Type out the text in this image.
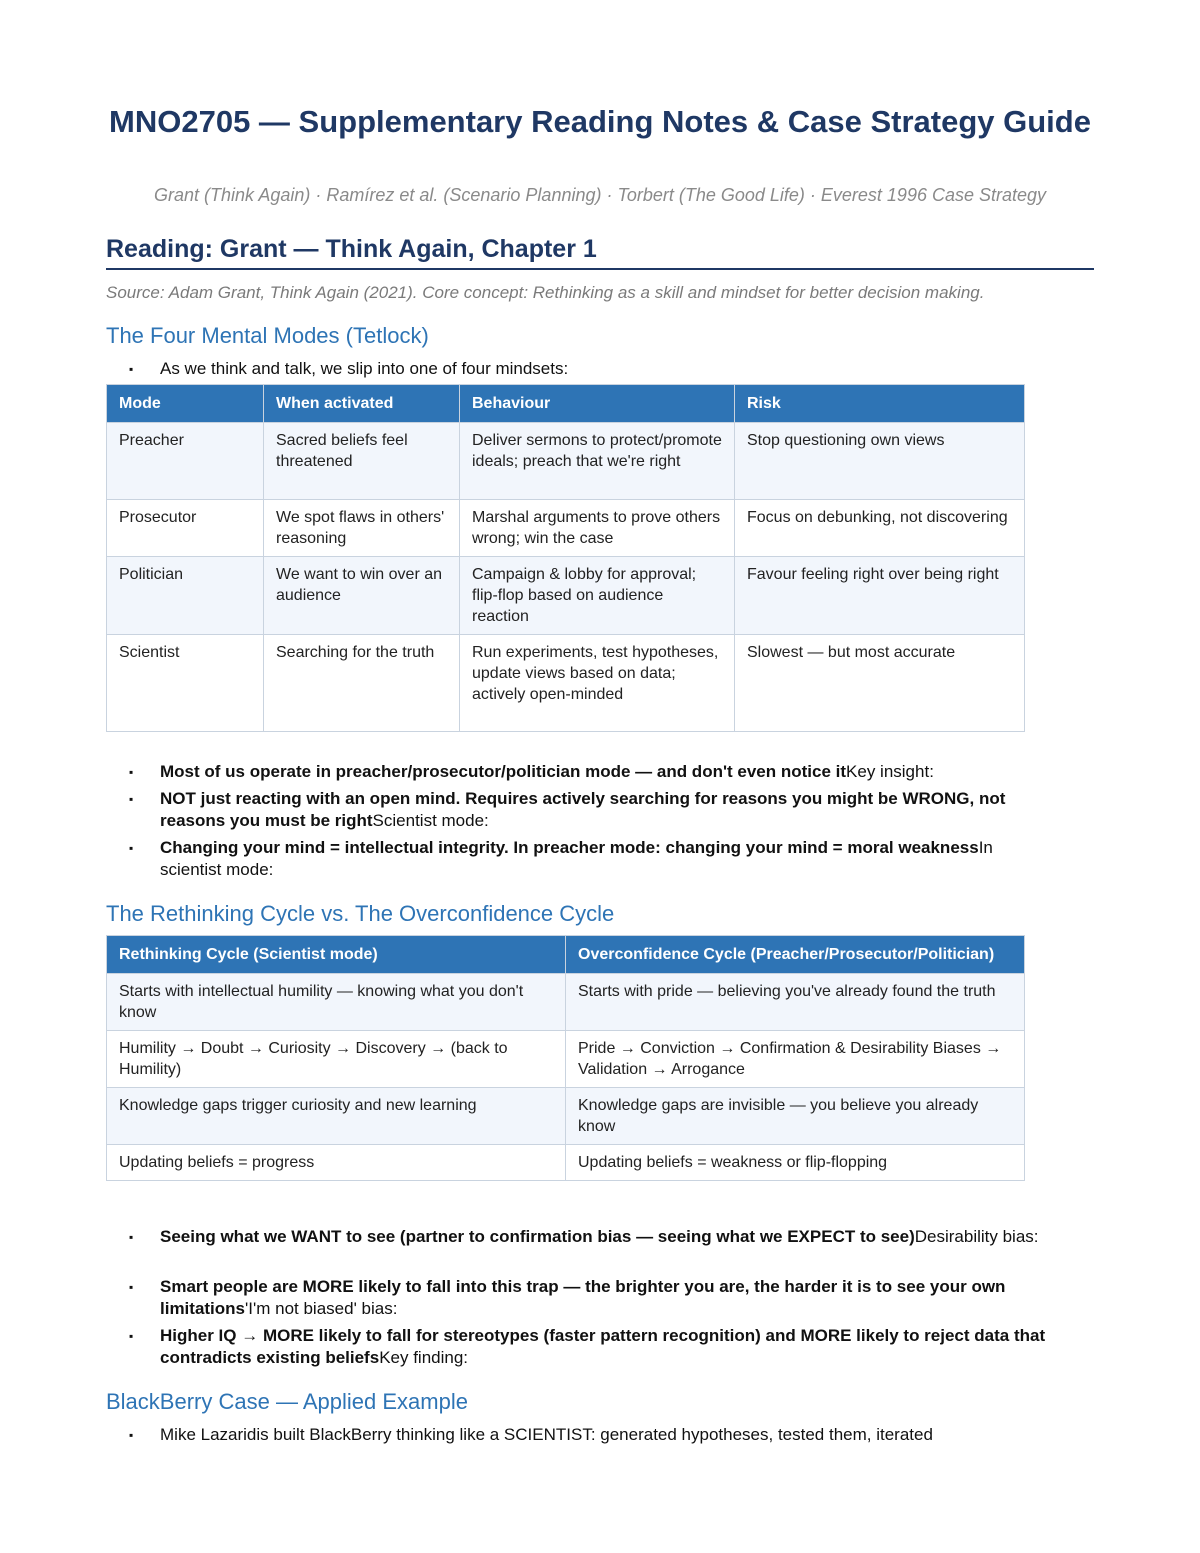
MNO2705 — Supplementary Reading Notes & Case Strategy Guide

Grant (Think Again) · Ramírez et al. (Scenario Planning) · Torbert (The Good Life) · Everest 1996 Case Strategy

Reading: Grant — Think Again, Chapter 1

Source: Adam Grant, Think Again (2021). Core concept: Rethinking as a skill and mindset for better decision making.

The Four Mental Modes (Tetlock)
▪ As we think and talk, we slip into one of four mindsets:
Mode	When activated	Behaviour	Risk
Preacher	Sacred beliefs feel threatened	Deliver sermons to protect/promote ideals; preach that we're right	Stop questioning own views
Prosecutor	We spot flaws in others' reasoning	Marshal arguments to prove others wrong; win the case	Focus on debunking, not discovering
Politician	We want to win over an audience	Campaign & lobby for approval; flip-flop based on audience reaction	Favour feeling right over being right
Scientist	Searching for the truth	Run experiments, test hypotheses, update views based on data; actively open-minded	Slowest — but most accurate
▪ Most of us operate in preacher/prosecutor/politician mode — and don't even notice itKey insight:
▪ NOT just reacting with an open mind. Requires actively searching for reasons you might be WRONG, not reasons you must be rightScientist mode:
▪ Changing your mind = intellectual integrity. In preacher mode: changing your mind = moral weaknessIn scientist mode:
The Rethinking Cycle vs. The Overconfidence Cycle
Rethinking Cycle (Scientist mode)	Overconfidence Cycle (Preacher/Prosecutor/Politician)
Starts with intellectual humility — knowing what you don't know	Starts with pride — believing you've already found the truth
Humility → Doubt → Curiosity → Discovery → (back to Humility)	Pride → Conviction → Confirmation & Desirability Biases → Validation → Arrogance
Knowledge gaps trigger curiosity and new learning	Knowledge gaps are invisible — you believe you already know
Updating beliefs = progress	Updating beliefs = weakness or flip-flopping
▪ Seeing what we WANT to see (partner to confirmation bias — seeing what we EXPECT to see)Desirability bias:
▪ Smart people are MORE likely to fall into this trap — the brighter you are, the harder it is to see your own limitations'I'm not biased' bias:
▪ Higher IQ → MORE likely to fall for stereotypes (faster pattern recognition) and MORE likely to reject data that contradicts existing beliefsKey finding:
BlackBerry Case — Applied Example
▪ Mike Lazaridis built BlackBerry thinking like a SCIENTIST: generated hypotheses, tested them, iterated
